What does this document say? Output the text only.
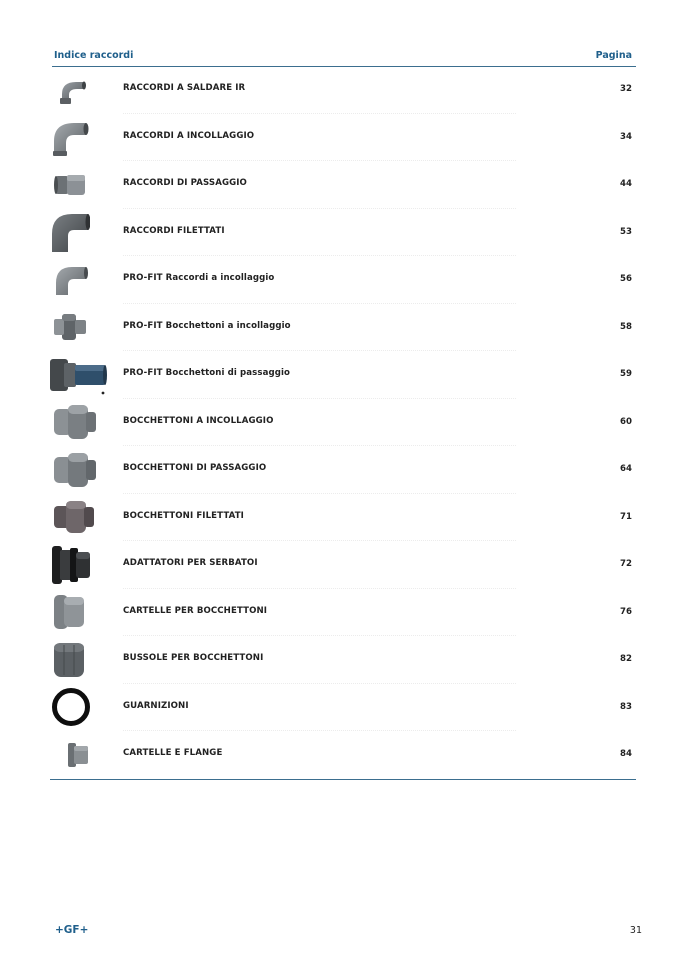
Indice raccordi	Pagina
RACCORDI A SALDARE IR	32
RACCORDI A INCOLLAGGIO	34
RACCORDI DI PASSAGGIO	44
RACCORDI FILETTATI	53
PRO-FIT Raccordi a incollaggio	56
PRO-FIT Bocchettoni a incollaggio	58
PRO-FIT Bocchettoni di passaggio	59
BOCCHETTONI A INCOLLAGGIO	60
BOCCHETTONI DI PASSAGGIO	64
BOCCHETTONI FILETTATI	71
ADATTATORI PER SERBATOI	72
CARTELLE PER BOCCHETTONI	76
BUSSOLE PER BOCCHETTONI	82
GUARNIZIONI	83
CARTELLE E FLANGE	84
+GF+	31
